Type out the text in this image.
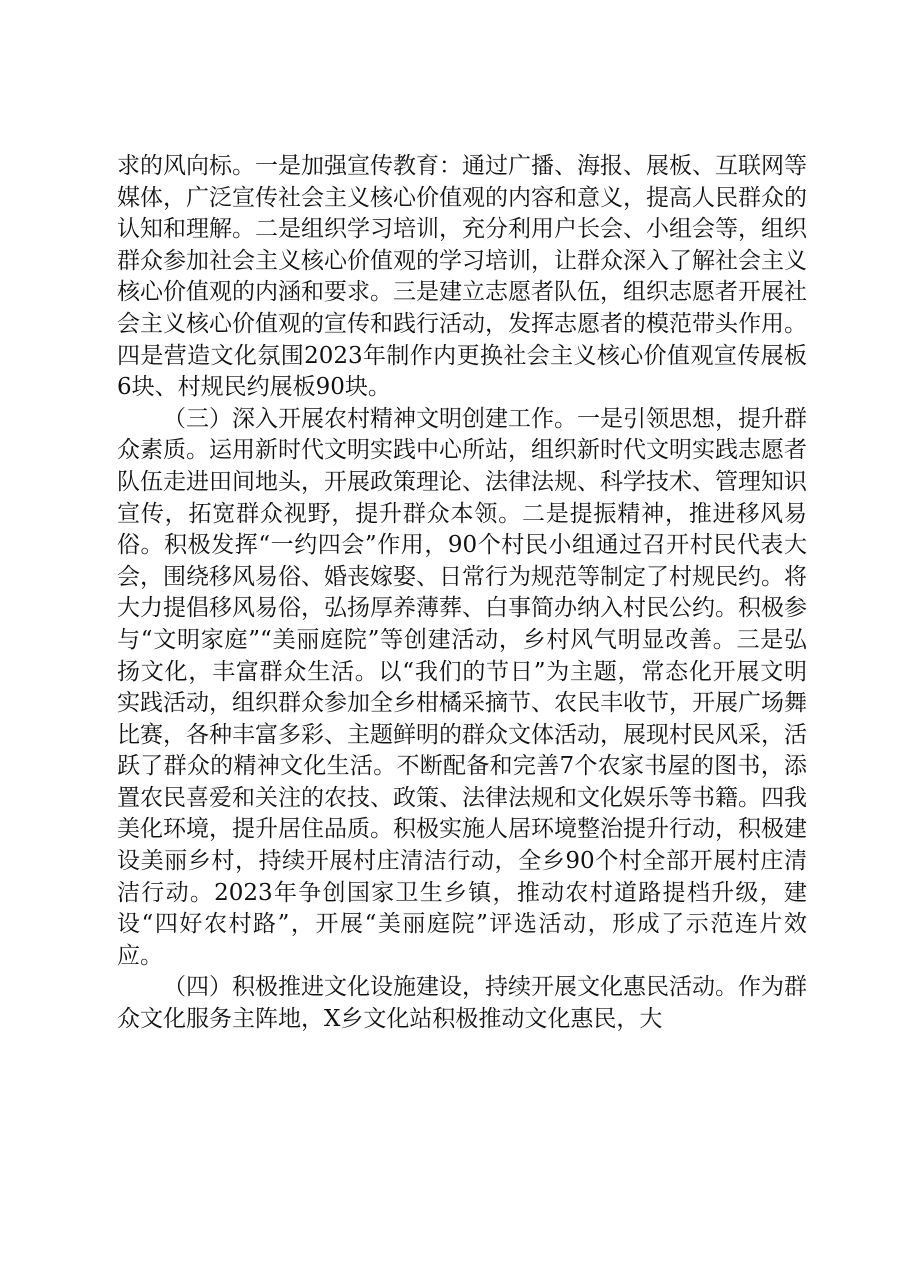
求的风向标。一是加强宣传教育：通过广播、海报、展板、互联网等媒体，广泛宣传社会主义核心价值观的内容和意义，提高人民群众的认知和理解。二是组织学习培训，充分利用户长会、小组会等，组织群众参加社会主义核心价值观的学习培训，让群众深入了解社会主义核心价值观的内涵和要求。三是建立志愿者队伍，组织志愿者开展社会主义核心价值观的宣传和践行活动，发挥志愿者的模范带头作用。四是营造文化氛围2023年制作内更换社会主义核心价值观宣传展板6块、村规民约展板90块。

（三）深入开展农村精神文明创建工作。一是引领思想，提升群众素质。运用新时代文明实践中心所站，组织新时代文明实践志愿者队伍走进田间地头，开展政策理论、法律法规、科学技术、管理知识宣传，拓宽群众视野，提升群众本领。二是提振精神，推进移风易俗。积极发挥“一约四会”作用，90个村民小组通过召开村民代表大会，围绕移风易俗、婚丧嫁娶、日常行为规范等制定了村规民约。将大力提倡移风易俗，弘扬厚养薄葬、白事简办纳入村民公约。积极参与“文明家庭”“美丽庭院”等创建活动，乡村风气明显改善。三是弘扬文化，丰富群众生活。以“我们的节日”为主题，常态化开展文明实践活动，组织群众参加全乡柑橘采摘节、农民丰收节，开展广场舞比赛，各种丰富多彩、主题鲜明的群众文体活动，展现村民风采，活跃了群众的精神文化生活。不断配备和完善7个农家书屋的图书，添置农民喜爱和关注的农技、政策、法律法规和文化娱乐等书籍。四我美化环境，提升居住品质。积极实施人居环境整治提升行动，积极建设美丽乡村，持续开展村庄清洁行动，全乡90个村全部开展村庄清洁行动。2023年争创国家卫生乡镇，推动农村道路提档升级，建设“四好农村路”，开展“美丽庭院”评选活动，形成了示范连片效应。

（四）积极推进文化设施建设，持续开展文化惠民活动。作为群众文化服务主阵地，X乡文化站积极推动文化惠民，大
